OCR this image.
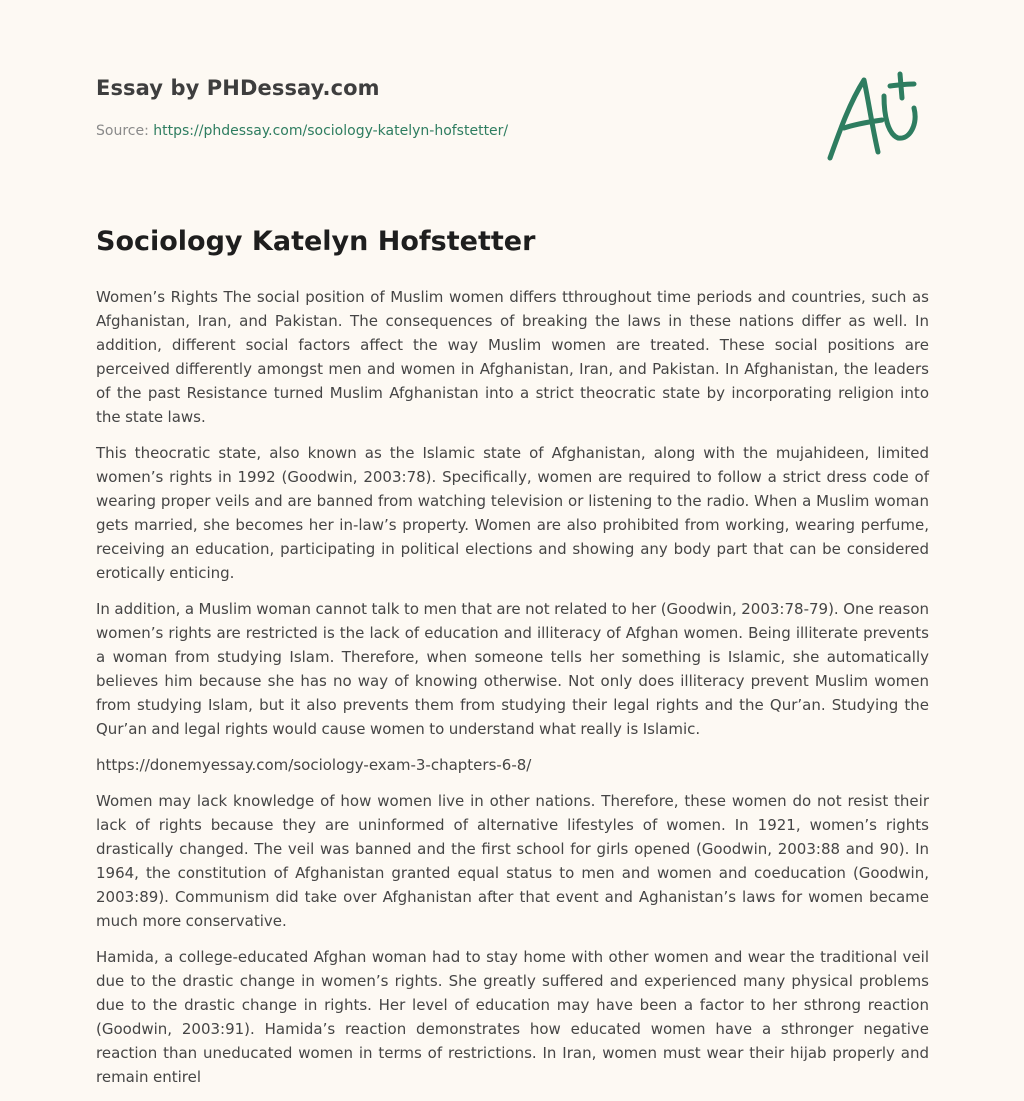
Essay by PHDessay.com
Source: https://phdessay.com/sociology-katelyn-hofstetter/
Sociology Katelyn Hofstetter

Women’s Rights The social position of Muslim women differs tthroughout time periods and countries, such as Afghanistan, Iran, and Pakistan. The consequences of breaking the laws in these nations differ as well. In addition, different social factors affect the way Muslim women are treated. These social positions are perceived differently amongst men and women in Afghanistan, Iran, and Pakistan. In Afghanistan, the leaders of the past Resistance turned Muslim Afghanistan into a strict theocratic state by incorporating religion into the state laws.

This theocratic state, also known as the Islamic state of Afghanistan, along with the mujahideen, limited women’s rights in 1992 (Goodwin, 2003:78). Specifically, women are required to follow a strict dress code of wearing proper veils and are banned from watching television or listening to the radio. When a Muslim woman gets married, she becomes her in-law’s property. Women are also prohibited from working, wearing perfume, receiving an education, participating in political elections and showing any body part that can be considered erotically enticing.

In addition, a Muslim woman cannot talk to men that are not related to her (Goodwin, 2003:78-79). One reason women’s rights are restricted is the lack of education and illiteracy of Afghan women. Being illiterate prevents a woman from studying Islam. Therefore, when someone tells her something is Islamic, she automatically believes him because she has no way of knowing otherwise. Not only does illiteracy prevent Muslim women from studying Islam, but it also prevents them from studying their legal rights and the Qur’an. Studying the Qur’an and legal rights would cause women to understand what really is Islamic.

https://donemyessay.com/sociology-exam-3-chapters-6-8/

Women may lack knowledge of how women live in other nations. Therefore, these women do not resist their lack of rights because they are uninformed of alternative lifestyles of women. In 1921, women’s rights drastically changed. The veil was banned and the first school for girls opened (Goodwin, 2003:88 and 90). In 1964, the constitution of Afghanistan granted equal status to men and women and coeducation (Goodwin, 2003:89). Communism did take over Afghanistan after that event and Aghanistan’s laws for women became much more conservative.

Hamida, a college-educated Afghan woman had to stay home with other women and wear the traditional veil due to the drastic change in women’s rights. She greatly suffered and experienced many physical problems due to the drastic change in rights. Her level of education may have been a factor to her sthrong reaction (Goodwin, 2003:91). Hamida’s reaction demonstrates how educated women have a sthronger negative reaction than uneducated women in terms of restrictions. In Iran, women must wear their hijab properly and remain entirel
